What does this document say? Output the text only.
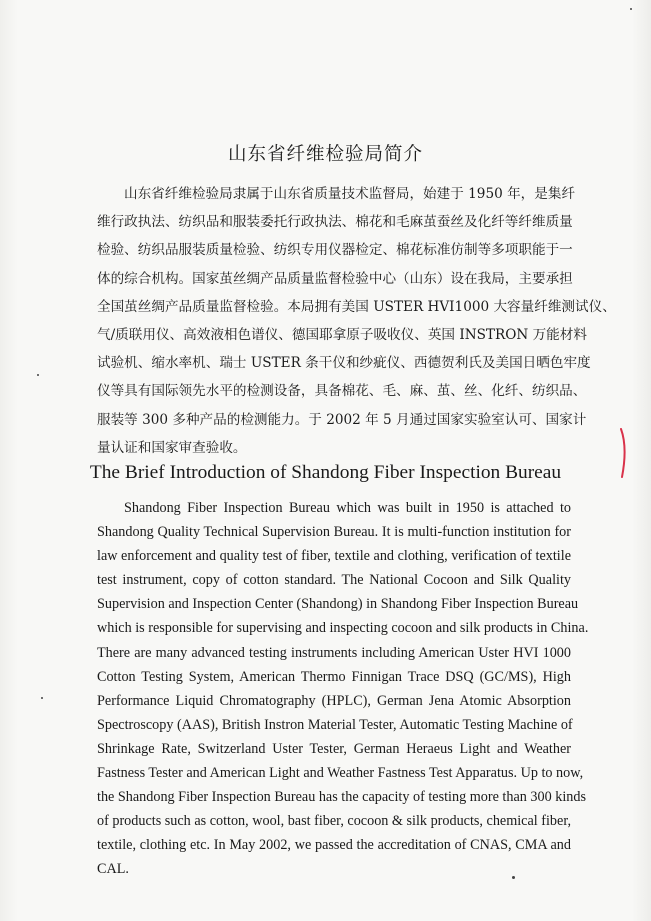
山东省纤维检验局简介
山东省纤维检验局隶属于山东省质量技术监督局，始建于 1950 年，是集纤
维行政执法、纺织品和服装委托行政执法、棉花和毛麻茧蚕丝及化纤等纤维质量
检验、纺织品服装质量检验、纺织专用仪器检定、棉花标准仿制等多项职能于一
体的综合机构。国家茧丝绸产品质量监督检验中心（山东）设在我局，主要承担
全国茧丝绸产品质量监督检验。本局拥有美国 USTER HVI1000 大容量纤维测试仪、
气/质联用仪、高效液相色谱仪、德国耶拿原子吸收仪、英国 INSTRON 万能材料
试验机、缩水率机、瑞士 USTER 条干仪和纱疵仪、西德贺利氏及美国日晒色牢度
仪等具有国际领先水平的检测设备，具备棉花、毛、麻、茧、丝、化纤、纺织品、
服装等 300 多种产品的检测能力。于 2002 年 5 月通过国家实验室认可、国家计
量认证和国家审查验收。
The Brief Introduction of Shandong Fiber Inspection Bureau
Shandong Fiber Inspection Bureau which was built in 1950 is attached to
Shandong Quality Technical Supervision Bureau. It is multi-function institution for
law enforcement and quality test of fiber, textile and clothing, verification of textile
test instrument, copy of cotton standard. The National Cocoon and Silk Quality
Supervision and Inspection Center (Shandong) in Shandong Fiber Inspection Bureau
which is responsible for supervising and inspecting cocoon and silk products in China.
There are many advanced testing instruments including American Uster HVI 1000
Cotton Testing System, American Thermo Finnigan Trace DSQ (GC/MS), High
Performance Liquid Chromatography (HPLC), German Jena Atomic Absorption
Spectroscopy (AAS), British Instron Material Tester, Automatic Testing Machine of
Shrinkage Rate, Switzerland Uster Tester, German Heraeus Light and Weather
Fastness Tester and American Light and Weather Fastness Test Apparatus. Up to now,
the Shandong Fiber Inspection Bureau has the capacity of testing more than 300 kinds
of products such as cotton, wool, bast fiber, cocoon & silk products, chemical fiber,
textile, clothing etc. In May 2002, we passed the accreditation of CNAS, CMA and
CAL.
